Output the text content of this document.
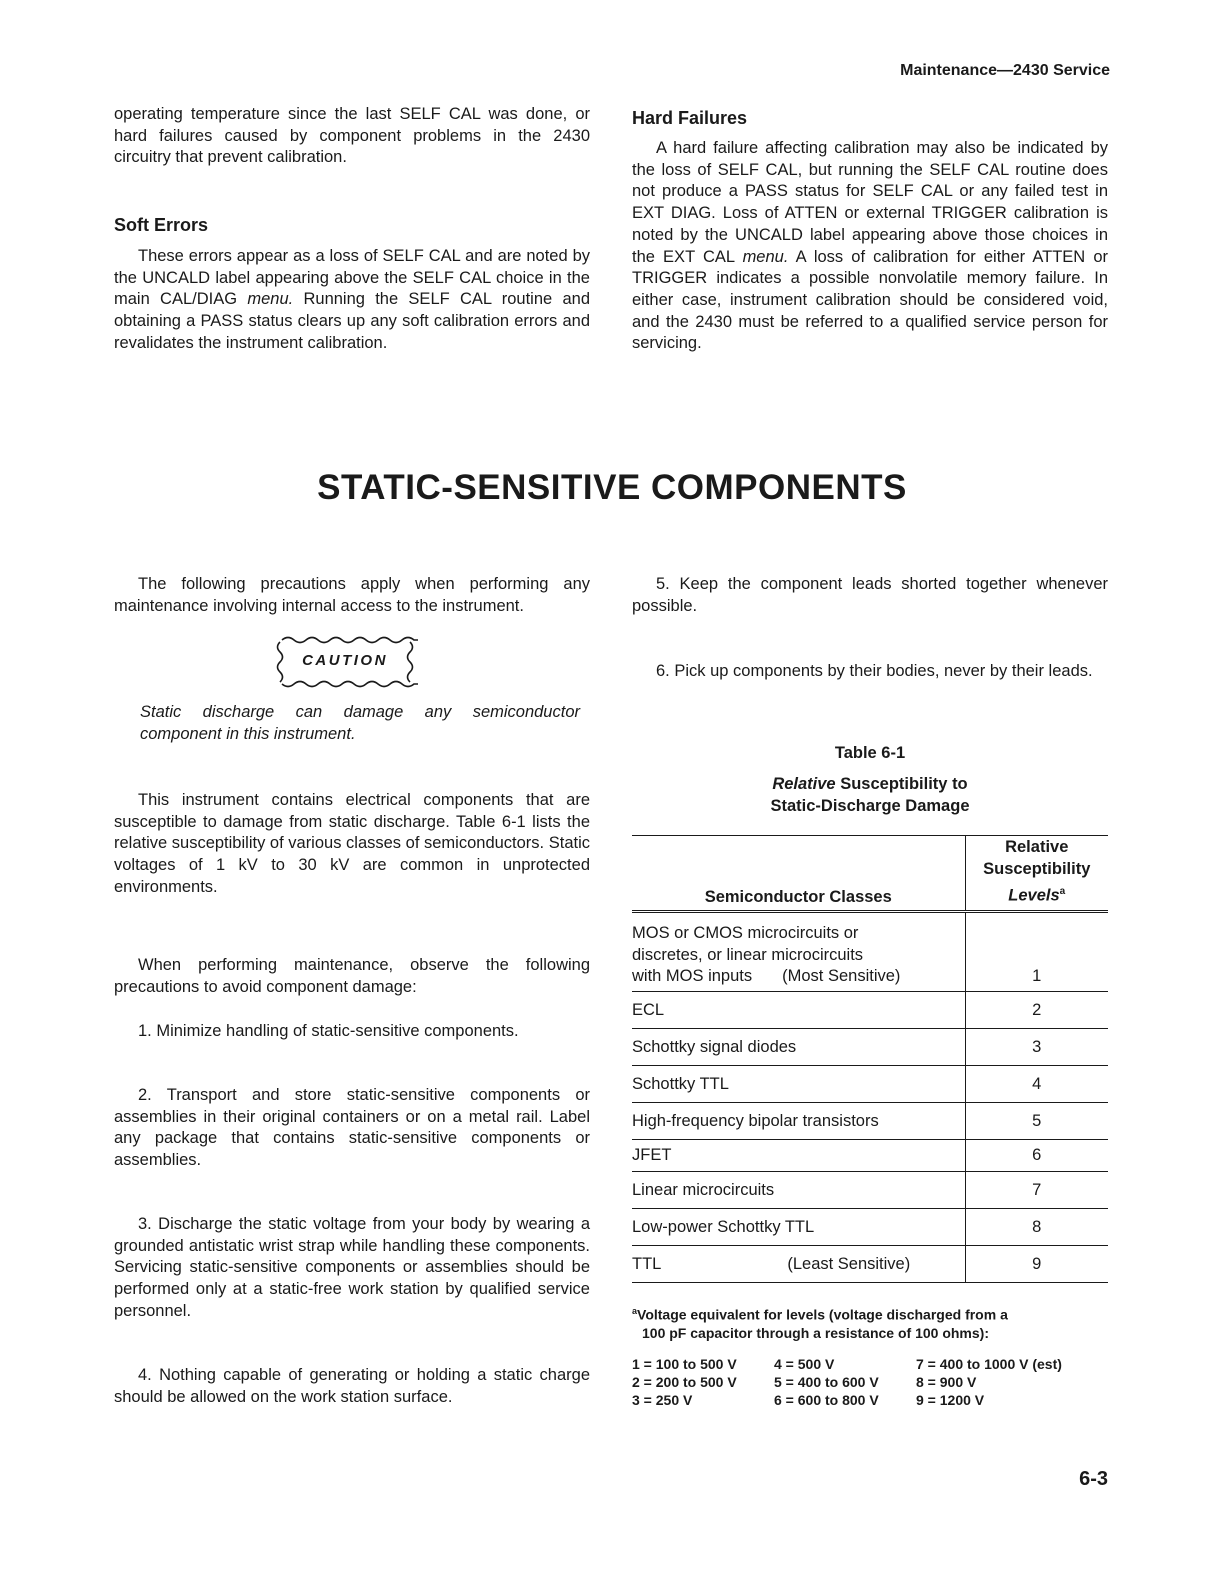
Maintenance—2430 Service

operating temperature since the last SELF CAL was done, or hard failures caused by component problems in the 2430 circuitry that prevent calibration.

Soft Errors

These errors appear as a loss of SELF CAL and are noted by the UNCALD label appearing above the SELF CAL choice in the main CAL/DIAG menu. Running the SELF CAL routine and obtaining a PASS status clears up any soft calibration errors and revalidates the instrument calibration.

Hard Failures

A hard failure affecting calibration may also be indicated by the loss of SELF CAL, but running the SELF CAL routine does not produce a PASS status for SELF CAL or any failed test in EXT DIAG. Loss of ATTEN or external TRIGGER calibration is noted by the UNCALD label appearing above those choices in the EXT CAL menu. A loss of calibration for either ATTEN or TRIGGER indicates a possible nonvolatile memory failure. In either case, instrument calibration should be considered void, and the 2430 must be referred to a qualified service person for servicing.

STATIC-SENSITIVE COMPONENTS

The following precautions apply when performing any maintenance involving internal access to the instrument.

CAUTION

Static discharge can damage any semiconductor component in this instrument.

This instrument contains electrical components that are susceptible to damage from static discharge. Table 6-1 lists the relative susceptibility of various classes of semiconductors. Static voltages of 1 kV to 30 kV are common in unprotected environments.

When performing maintenance, observe the following precautions to avoid component damage:

1. Minimize handling of static-sensitive components.

2. Transport and store static-sensitive components or assemblies in their original containers or on a metal rail. Label any package that contains static-sensitive components or assemblies.

3. Discharge the static voltage from your body by wearing a grounded antistatic wrist strap while handling these components. Servicing static-sensitive components or assemblies should be performed only at a static-free work station by qualified service personnel.

4. Nothing capable of generating or holding a static charge should be allowed on the work station surface.

5. Keep the component leads shorted together whenever possible.

6. Pick up components by their bodies, never by their leads.

Table 6-1
Relative Susceptibility to
Static-Discharge Damage
Semiconductor Classes	Relative
Susceptibility
Levels$^a$

MOS or CMOS microcircuits or
discretes, or linear microcircuits
with MOS inputs (Most Sensitive)	1
ECL	2
Schottky signal diodes	3
Schottky TTL	4
High-frequency bipolar transistors	5
JFET	6
Linear microcircuits	7
Low-power Schottky TTL	8
TTL (Least Sensitive)	9
$^a$Voltage equivalent for levels (voltage discharged from a
100 pF capacitor through a resistance of 100 ohms):
1 = 100 to 500 V	4 = 500 V	7 = 400 to 1000 V (est)
2 = 200 to 500 V	5 = 400 to 600 V	8 = 900 V
3 = 250 V	6 = 600 to 800 V	9 = 1200 V
6-3
